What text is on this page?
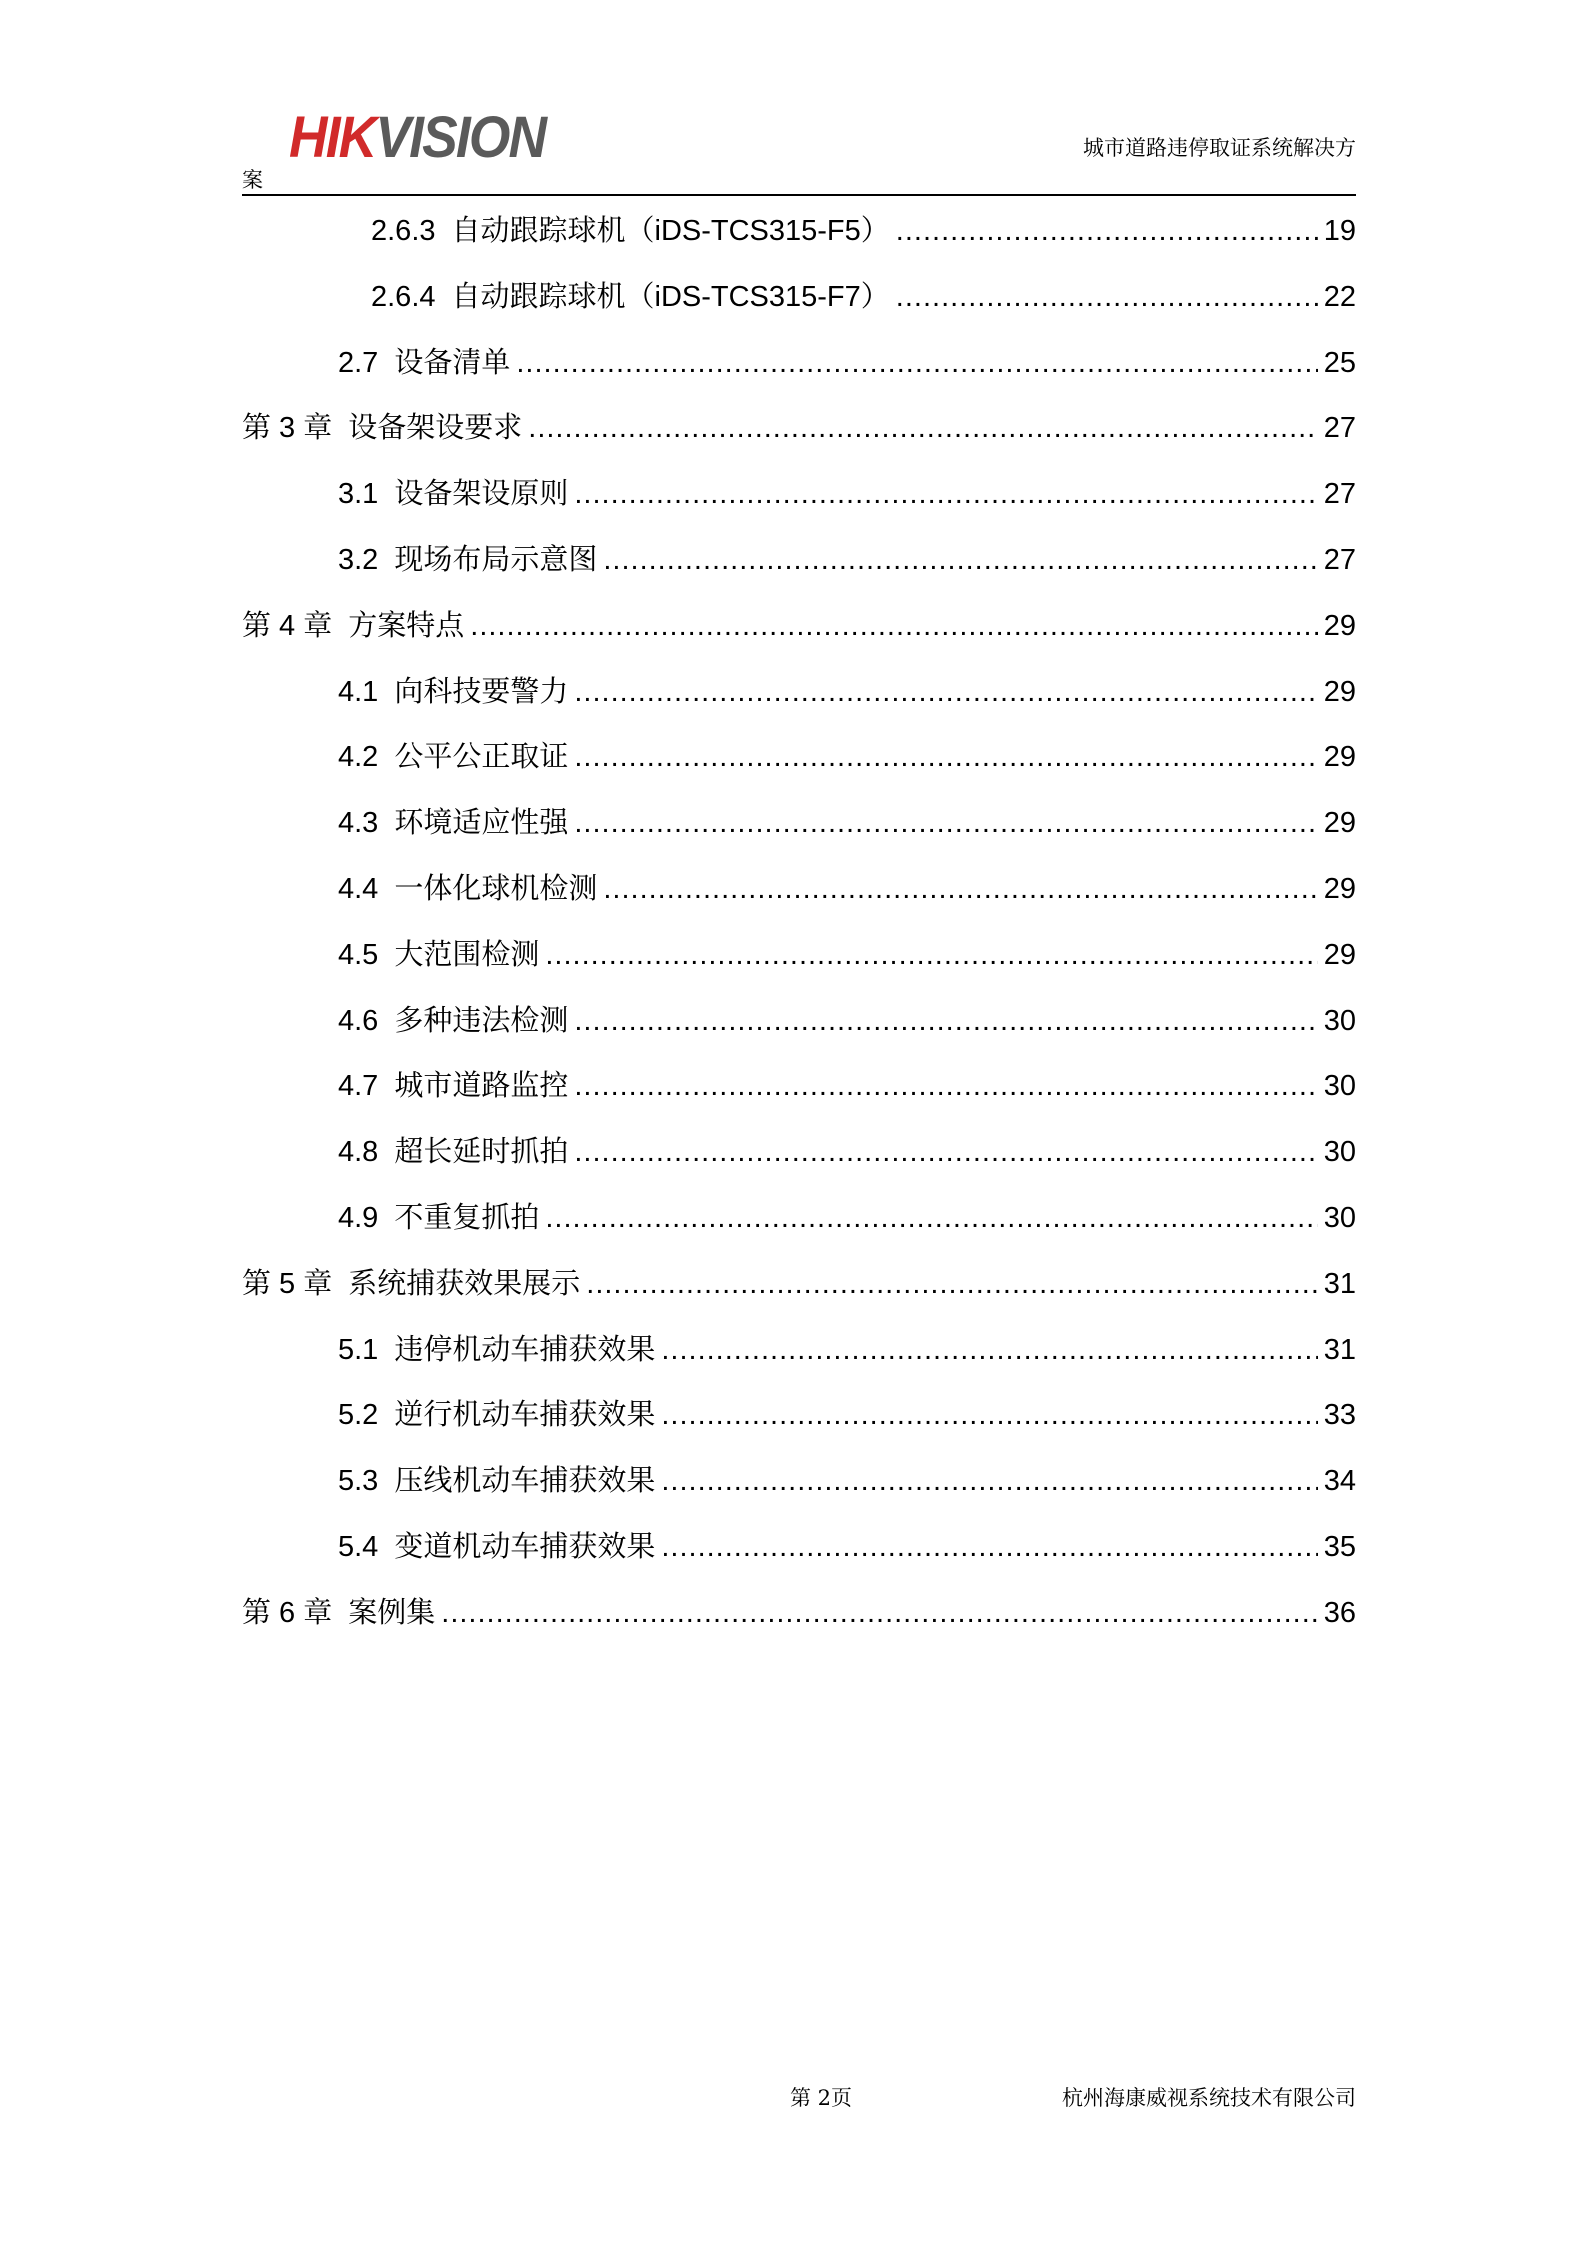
HIKVISION	城市道路违停取证系统解决方
案
2.6.3 自动跟踪球机（iDS-TCS315-F5） .....	19
2.6.4 自动跟踪球机（iDS-TCS315-F7） .....	22
2.7 设备清单 .....	25
第 3 章 设备架设要求 .....	27
3.1 设备架设原则 .....	27
3.2 现场布局示意图 .....	27
第 4 章 方案特点 .....	29
4.1 向科技要警力 .....	29
4.2 公平公正取证 .....	29
4.3 环境适应性强 .....	29
4.4 一体化球机检测 .....	29
4.5 大范围检测 .....	29
4.6 多种违法检测 .....	30
4.7 城市道路监控 .....	30
4.8 超长延时抓拍 .....	30
4.9 不重复抓拍 .....	30
第 5 章 系统捕获效果展示 .....	31
5.1 违停机动车捕获效果 .....	31
5.2 逆行机动车捕获效果 .....	33
5.3 压线机动车捕获效果 .....	34
5.4 变道机动车捕获效果 .....	35
第 6 章 案例集 .....	36
第 2页	杭州海康威视系统技术有限公司
